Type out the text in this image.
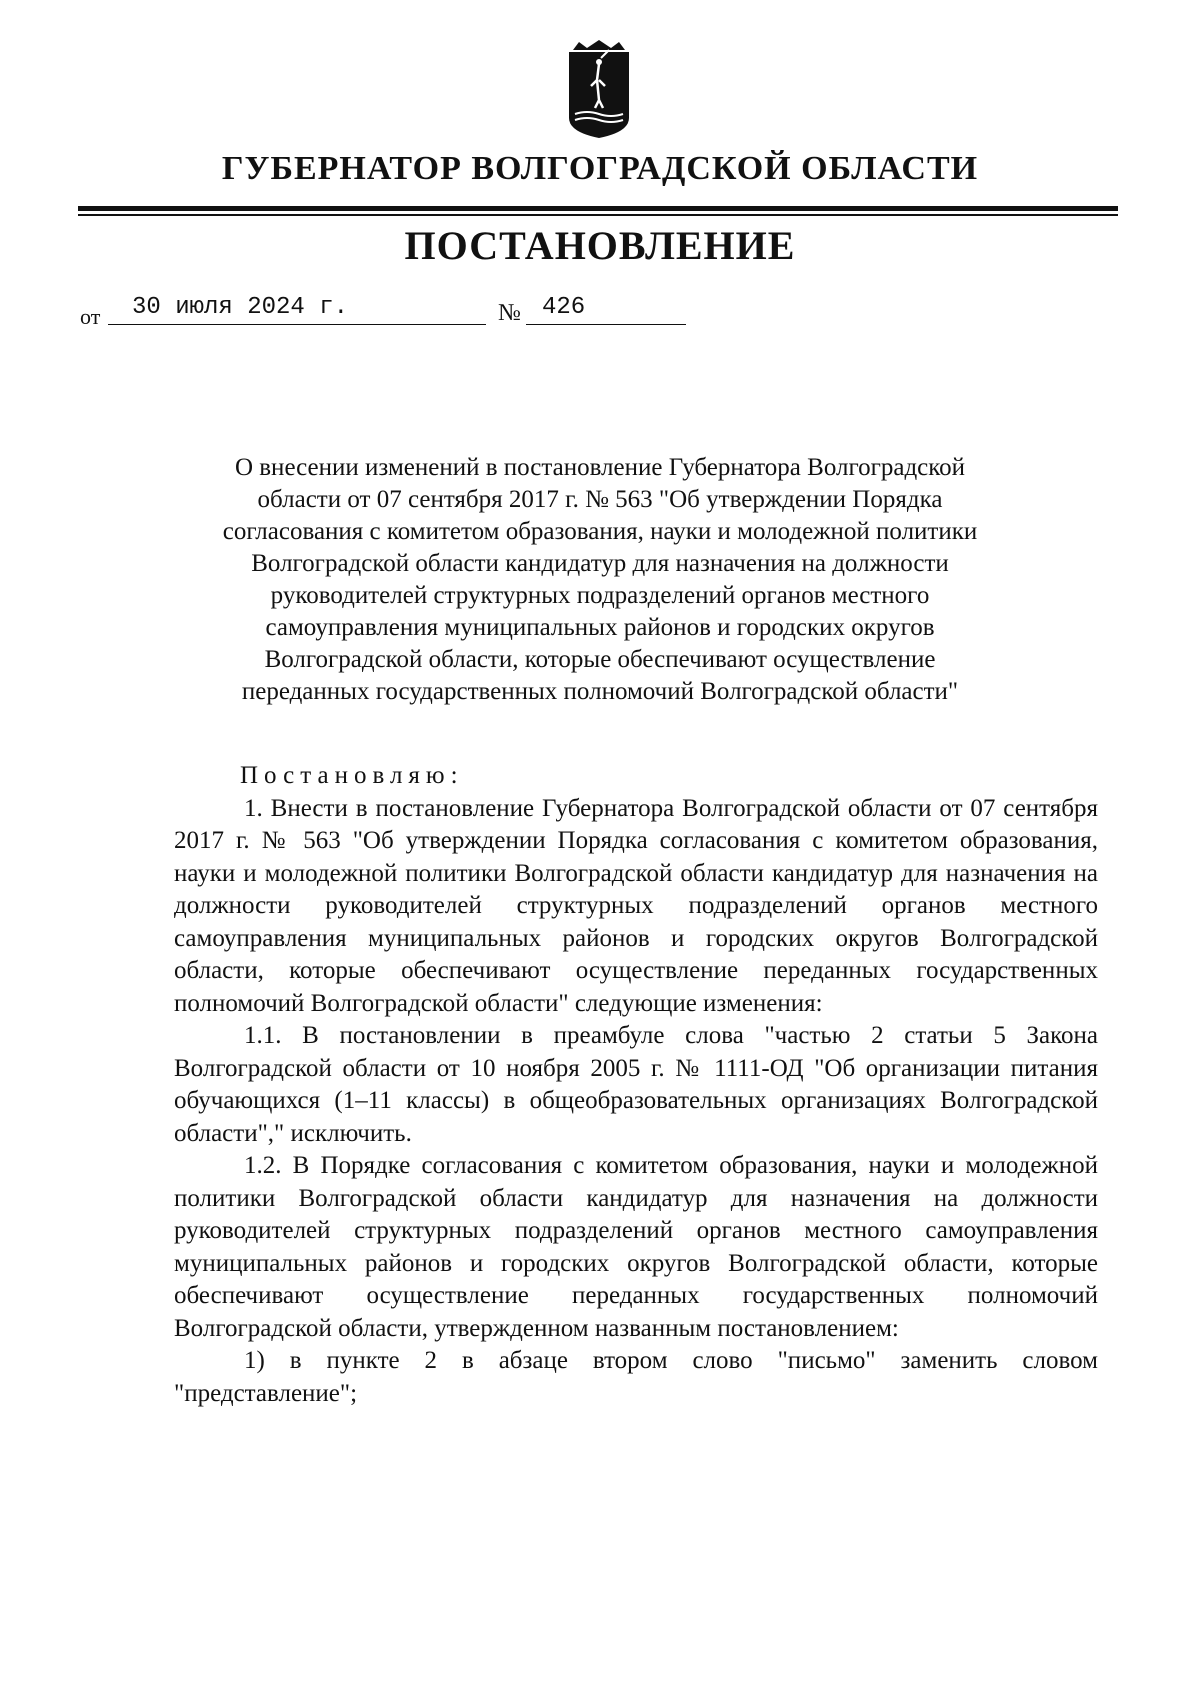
ГУБЕРНАТОР ВОЛГОГРАДСКОЙ ОБЛАСТИ
ПОСТАНОВЛЕНИЕ
от 30 июля 2024 г.	№ 426
О внесении изменений в постановление Губернатора Волгоградской
области от 07 сентября 2017 г. № 563 "Об утверждении Порядка
согласования с комитетом образования, науки и молодежной политики
Волгоградской области кандидатур для назначения на должности
руководителей структурных подразделений органов местного
самоуправления муниципальных районов и городских округов
Волгоградской области, которые обеспечивают осуществление
переданных государственных полномочий Волгоградской области"
Постановляю:

1. Внести в постановление Губернатора Волгоградской области от 07 сентября 2017 г. № 563 "Об утверждении Порядка согласования с комитетом образования, науки и молодежной политики Волгоградской области кандидатур для назначения на должности руководителей структурных подразделений органов местного самоуправления муниципальных районов и городских округов Волгоградской области, которые обеспечивают осуществление переданных государственных полномочий Волгоградской области" следующие изменения:

1.1. В постановлении в преамбуле слова "частью 2 статьи 5 Закона Волгоградской области от 10 ноября 2005 г. № 1111-ОД "Об организации питания обучающихся (1–11 классы) в общеобразовательных организациях Волгоградской области"," исключить.

1.2. В Порядке согласования с комитетом образования, науки и молодежной политики Волгоградской области кандидатур для назначения на должности руководителей структурных подразделений органов местного самоуправления муниципальных районов и городских округов Волгоградской области, которые обеспечивают осуществление переданных государственных полномочий Волгоградской области, утвержденном названным постановлением:

1) в пункте 2 в абзаце втором слово "письмо" заменить словом "представление";
